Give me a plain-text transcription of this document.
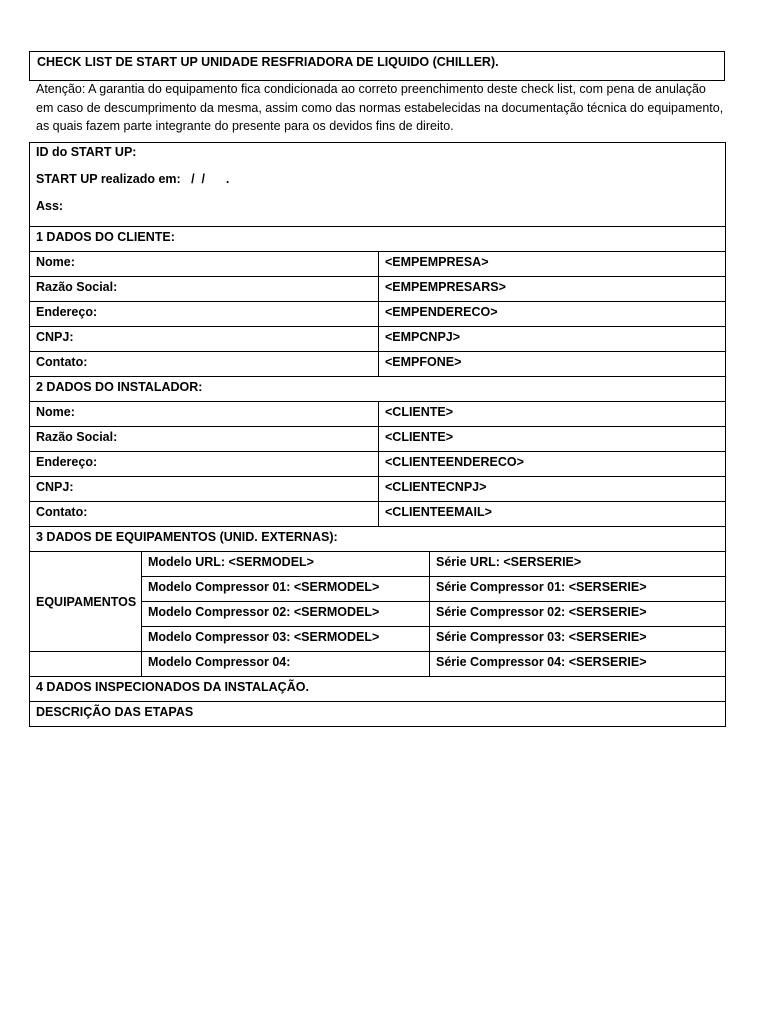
CHECK LIST DE START UP UNIDADE RESFRIADORA DE LIQUIDO (CHILLER).
Atenção: A garantia do equipamento fica condicionada ao correto preenchimento deste check list, com pena de anulação em caso de descumprimento da mesma, assim como das normas estabelecidas na documentação técnica do equipamento, as quais fazem parte integrante do presente para os devidos fins de direito.
ID do START UP:
START UP realizado em:   /  /      .
Ass:			

1 DADOS DO CLIENTE:			
Nome:		<EMPEMPRESA>	
Razão Social:		<EMPEMPRESARS>	
Endereço:		<EMPENDERECO>	
CNPJ:		<EMPCNPJ>	
Contato:		<EMPFONE>	
2 DADOS DO INSTALADOR:			
Nome:		<CLIENTE>	
Razão Social:		<CLIENTE>	
Endereço:		<CLIENTEENDERECO>	
CNPJ:		<CLIENTECNPJ>	
Contato:		<CLIENTEEMAIL>	
3 DADOS DE EQUIPAMENTOS (UNID. EXTERNAS):			
EQUIPAMENTOS	Modelo URL: <SERMODEL>		Série URL: <SERSERIE>
	Modelo Compressor 01: <SERMODEL>		Série Compressor 01: <SERSERIE>
	Modelo Compressor 02: <SERMODEL>		Série Compressor 02: <SERSERIE>
	Modelo Compressor 03: <SERMODEL>		Série Compressor 03: <SERSERIE>
	Modelo Compressor 04:		Série Compressor 04: <SERSERIE>
4 DADOS INSPECIONADOS DA INSTALAÇÃO.			
DESCRIÇÃO DAS ETAPAS			
